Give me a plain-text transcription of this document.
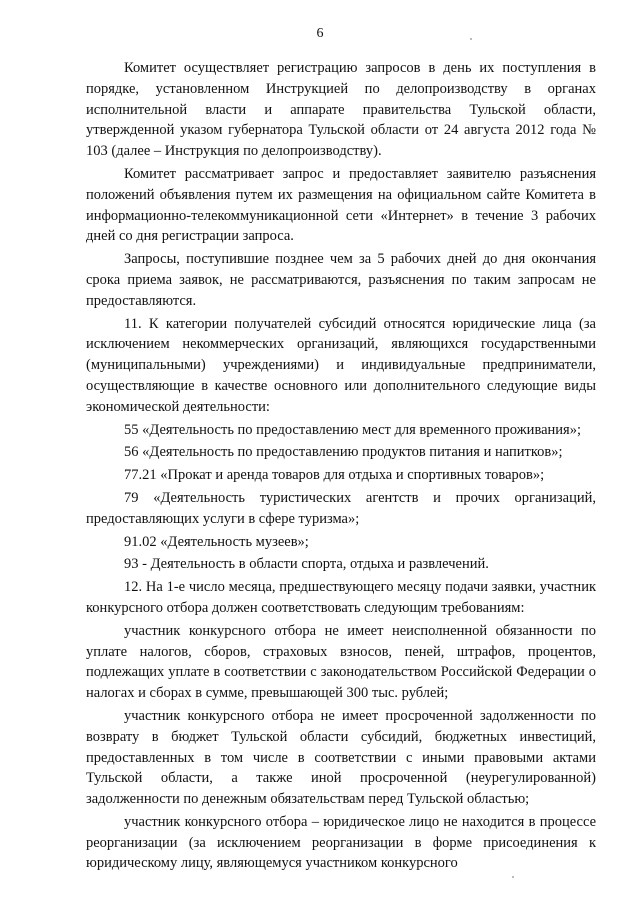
6

Комитет осуществляет регистрацию запросов в день их поступления в порядке, установленном Инструкцией по делопроизводству в органах исполнительной власти и аппарате правительства Тульской области, утвержденной указом губернатора Тульской области от 24 августа 2012 года № 103 (далее – Инструкция по делопроизводству).

Комитет рассматривает запрос и предоставляет заявителю разъяснения положений объявления путем их размещения на официальном сайте Комитета в информационно-телекоммуникационной сети «Интернет» в течение 3 рабочих дней со дня регистрации запроса.

Запросы, поступившие позднее чем за 5 рабочих дней до дня окончания срока приема заявок, не рассматриваются, разъяснения по таким запросам не предоставляются.

11. К категории получателей субсидий относятся юридические лица (за исключением некоммерческих организаций, являющихся государственными (муниципальными) учреждениями) и индивидуальные предприниматели, осуществляющие в качестве основного или дополнительного следующие виды экономической деятельности:

55 «Деятельность по предоставлению мест для временного проживания»;

56 «Деятельность по предоставлению продуктов питания и напитков»;

77.21 «Прокат и аренда товаров для отдыха и спортивных товаров»;

79 «Деятельность туристических агентств и прочих организаций, предоставляющих услуги в сфере туризма»;

91.02 «Деятельность музеев»;

93 - Деятельность в области спорта, отдыха и развлечений.

12. На 1-е число месяца, предшествующего месяцу подачи заявки, участник конкурсного отбора должен соответствовать следующим требованиям:

участник конкурсного отбора не имеет неисполненной обязанности по уплате налогов, сборов, страховых взносов, пеней, штрафов, процентов, подлежащих уплате в соответствии с законодательством Российской Федерации о налогах и сборах в сумме, превышающей 300 тыс. рублей;

участник конкурсного отбора не имеет просроченной задолженности по возврату в бюджет Тульской области субсидий, бюджетных инвестиций, предоставленных в том числе в соответствии с иными правовыми актами Тульской области, а также иной просроченной (неурегулированной) задолженности по денежным обязательствам перед Тульской областью;

участник конкурсного отбора – юридическое лицо не находится в процессе реорганизации (за исключением реорганизации в форме присоединения к юридическому лицу, являющемуся участником конкурсного
